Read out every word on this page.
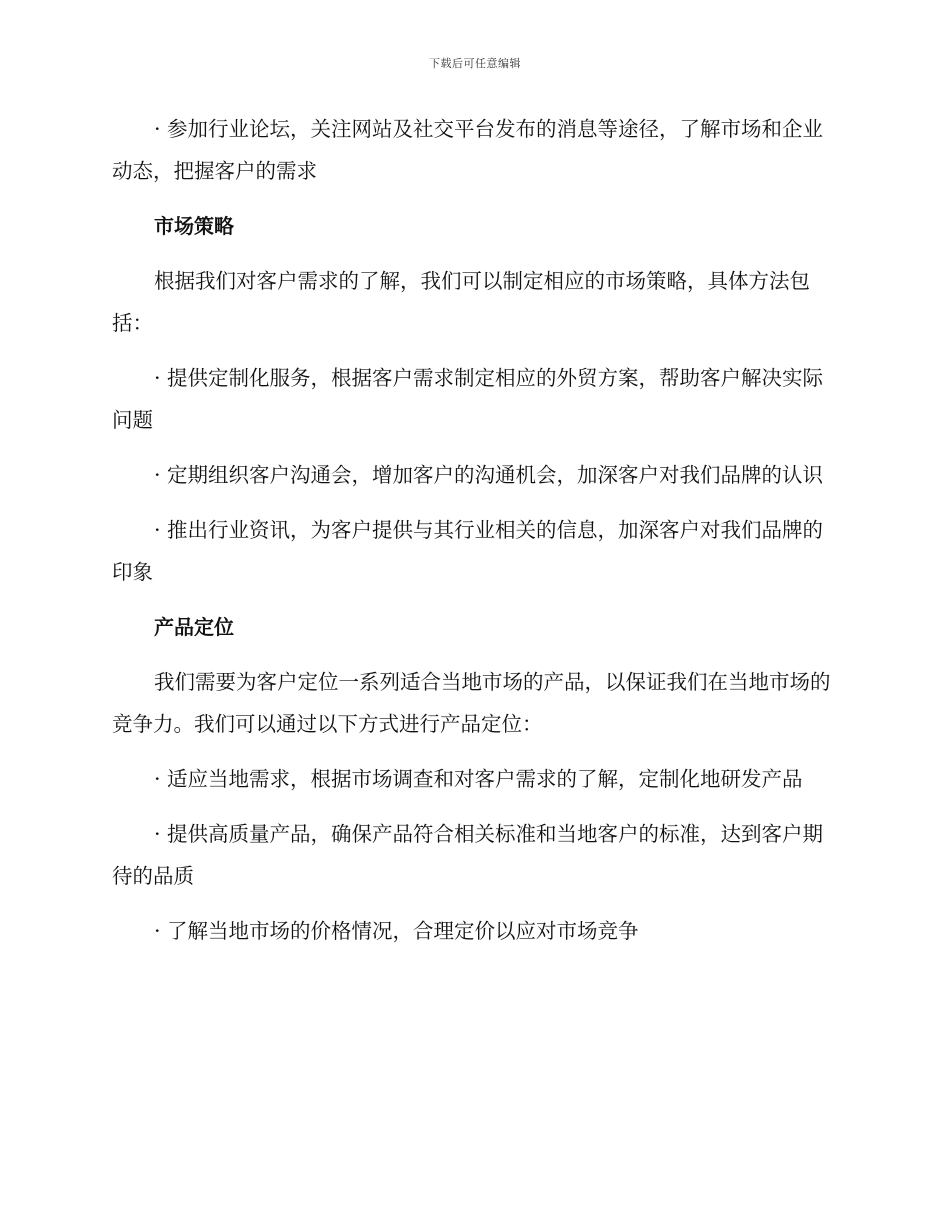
下载后可任意编辑

· 参加行业论坛，关注网站及社交平台发布的消息等途径，了解市场和企业动态，把握客户的需求

市场策略

根据我们对客户需求的了解，我们可以制定相应的市场策略，具体方法包括：

· 提供定制化服务，根据客户需求制定相应的外贸方案，帮助客户解决实际问题

· 定期组织客户沟通会，增加客户的沟通机会，加深客户对我们品牌的认识

· 推出行业资讯，为客户提供与其行业相关的信息，加深客户对我们品牌的印象

产品定位

我们需要为客户定位一系列适合当地市场的产品，以保证我们在当地市场的竞争力。我们可以通过以下方式进行产品定位：

· 适应当地需求，根据市场调查和对客户需求的了解，定制化地研发产品

· 提供高质量产品，确保产品符合相关标准和当地客户的标准，达到客户期待的品质

· 了解当地市场的价格情况，合理定价以应对市场竞争
